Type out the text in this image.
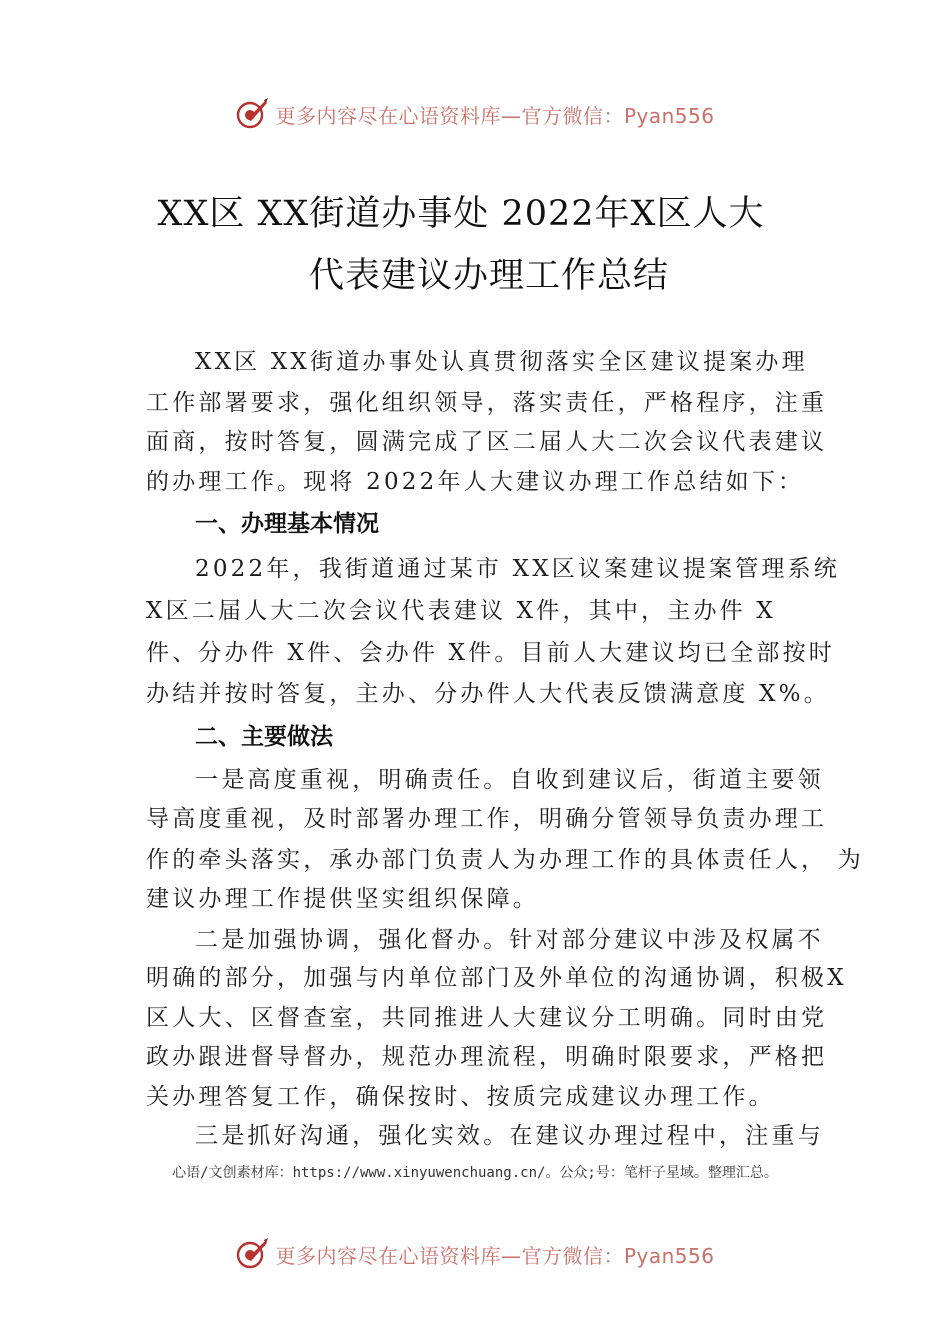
更多内容尽在心语资料库—官方微信：Pyan556
XX区 XX街道办事处 2022年X区人大
代表建议办理工作总结
XX区 XX街道办事处认真贯彻落实全区建议提案办理
工作部署要求，强化组织领导，落实责任，严格程序，注重
面商，按时答复，圆满完成了区二届人大二次会议代表建议
的办理工作。现将 2022年人大建议办理工作总结如下：
一、办理基本情况
2022年，我街道通过某市 XX区议案建议提案管理系统
X区二届人大二次会议代表建议 X件，其中，主办件 X
件、分办件 X件、会办件 X件。目前人大建议均已全部按时
办结并按时答复，主办、分办件人大代表反馈满意度 X%。
二、主要做法
一是高度重视，明确责任。自收到建议后，街道主要领
导高度重视，及时部署办理工作，明确分管领导负责办理工
作的牵头落实，承办部门负责人为办理工作的具体责任人， 为
建议办理工作提供坚实组织保障。
二是加强协调，强化督办。针对部分建议中涉及权属不
明确的部分，加强与内单位部门及外单位的沟通协调，积极X
区人大、区督查室，共同推进人大建议分工明确。同时由党
政办跟进督导督办，规范办理流程，明确时限要求，严格把
关办理答复工作，确保按时、按质完成建议办理工作。
三是抓好沟通，强化实效。在建议办理过程中，注重与
心语/文创素材库：https://www.xinyuwenchuang.cn/。公众;号：笔杆子星域。整理汇总。
更多内容尽在心语资料库—官方微信：Pyan556
